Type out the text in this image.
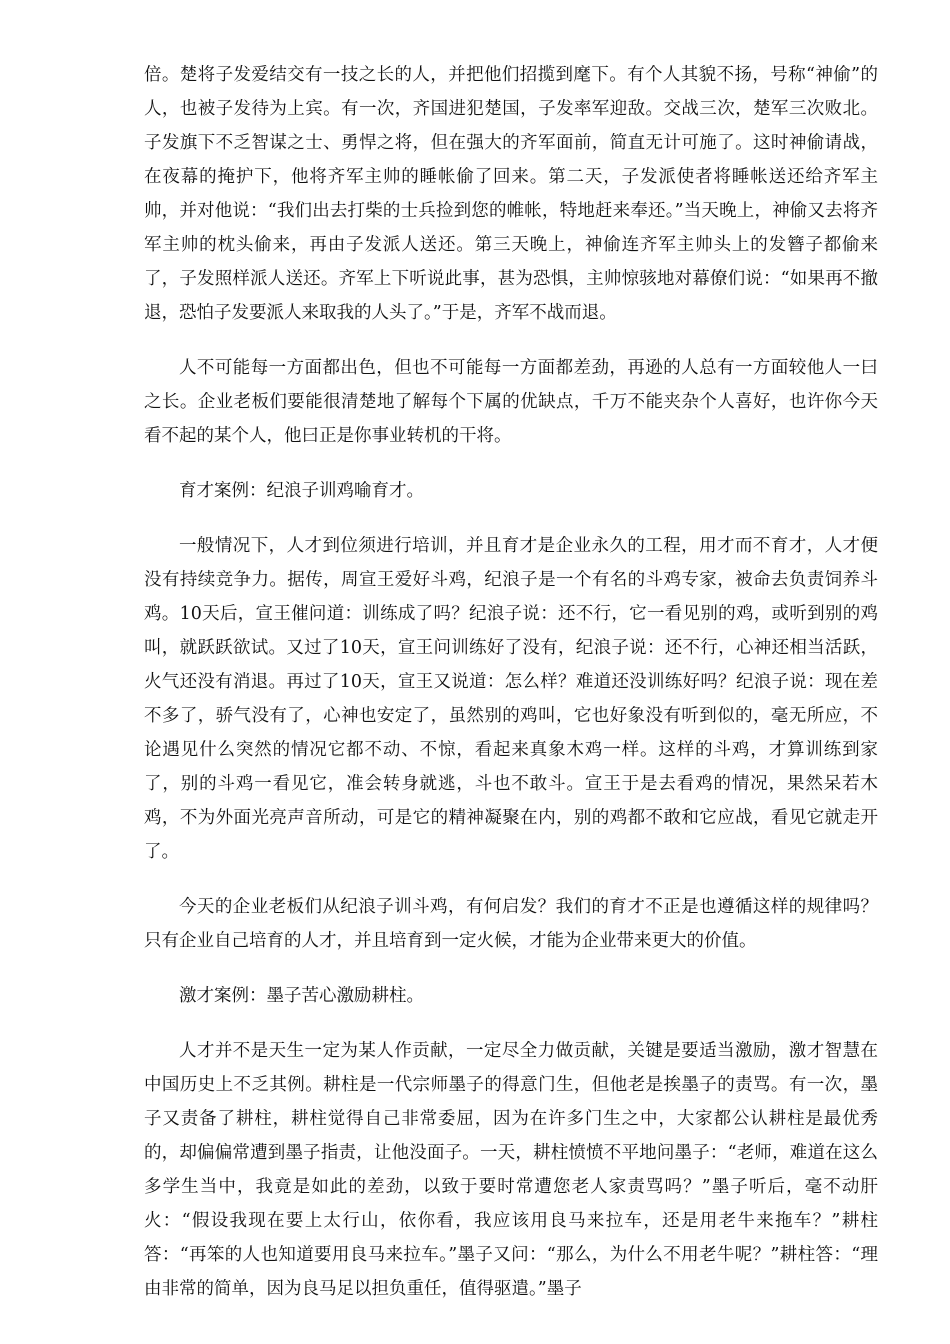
倍。楚将子发爱结交有一技之长的人，并把他们招揽到麾下。有个人其貌不扬，号称“神偷”的人，也被子发待为上宾。有一次，齐国进犯楚国，子发率军迎敌。交战三次，楚军三次败北。子发旗下不乏智谋之士、勇悍之将，但在强大的齐军面前，简直无计可施了。这时神偷请战，在夜幕的掩护下，他将齐军主帅的睡帐偷了回来。第二天，子发派使者将睡帐送还给齐军主帅，并对他说：“我们出去打柴的士兵捡到您的帷帐，特地赶来奉还。”当天晚上，神偷又去将齐军主帅的枕头偷来，再由子发派人送还。第三天晚上，神偷连齐军主帅头上的发簪子都偷来了，子发照样派人送还。齐军上下听说此事，甚为恐惧，主帅惊骇地对幕僚们说：“如果再不撤退，恐怕子发要派人来取我的人头了。”于是，齐军不战而退。

人不可能每一方面都出色，但也不可能每一方面都差劲，再逊的人总有一方面较他人一曰之长。企业老板们要能很清楚地了解每个下属的优缺点，千万不能夹杂个人喜好，也许你今天看不起的某个人，他曰正是你事业转机的干将。

育才案例：纪浪子训鸡喻育才。

一般情况下，人才到位须进行培训，并且育才是企业永久的工程，用才而不育才，人才便没有持续竞争力。据传，周宣王爱好斗鸡，纪浪子是一个有名的斗鸡专家，被命去负责饲养斗鸡。10天后，宣王催问道：训练成了吗？纪浪子说：还不行，它一看见别的鸡，或听到别的鸡叫，就跃跃欲试。又过了10天，宣王问训练好了没有，纪浪子说：还不行，心神还相当活跃，火气还没有消退。再过了10天，宣王又说道：怎么样？难道还没训练好吗？纪浪子说：现在差不多了，骄气没有了，心神也安定了，虽然别的鸡叫，它也好象没有听到似的，毫无所应，不论遇见什么突然的情况它都不动、不惊，看起来真象木鸡一样。这样的斗鸡，才算训练到家了，别的斗鸡一看见它，准会转身就逃，斗也不敢斗。宣王于是去看鸡的情况，果然呆若木鸡，不为外面光亮声音所动，可是它的精神凝聚在内，别的鸡都不敢和它应战，看见它就走开了。

今天的企业老板们从纪浪子训斗鸡，有何启发？我们的育才不正是也遵循这样的规律吗？只有企业自己培育的人才，并且培育到一定火候，才能为企业带来更大的价值。

激才案例：墨子苦心激励耕柱。

人才并不是天生一定为某人作贡献，一定尽全力做贡献，关键是要适当激励，激才智慧在中国历史上不乏其例。耕柱是一代宗师墨子的得意门生，但他老是挨墨子的责骂。有一次，墨子又责备了耕柱，耕柱觉得自己非常委屈，因为在许多门生之中，大家都公认耕柱是最优秀的，却偏偏常遭到墨子指责，让他没面子。一天，耕柱愤愤不平地问墨子：“老师，难道在这么多学生当中，我竟是如此的差劲，以致于要时常遭您老人家责骂吗？”墨子听后，毫不动肝火：“假设我现在要上太行山，依你看，我应该用良马来拉车，还是用老牛来拖车？”耕柱答：“再笨的人也知道要用良马来拉车。”墨子又问：“那么，为什么不用老牛呢？”耕柱答：“理由非常的简单，因为良马足以担负重任，值得驱遣。”墨子
